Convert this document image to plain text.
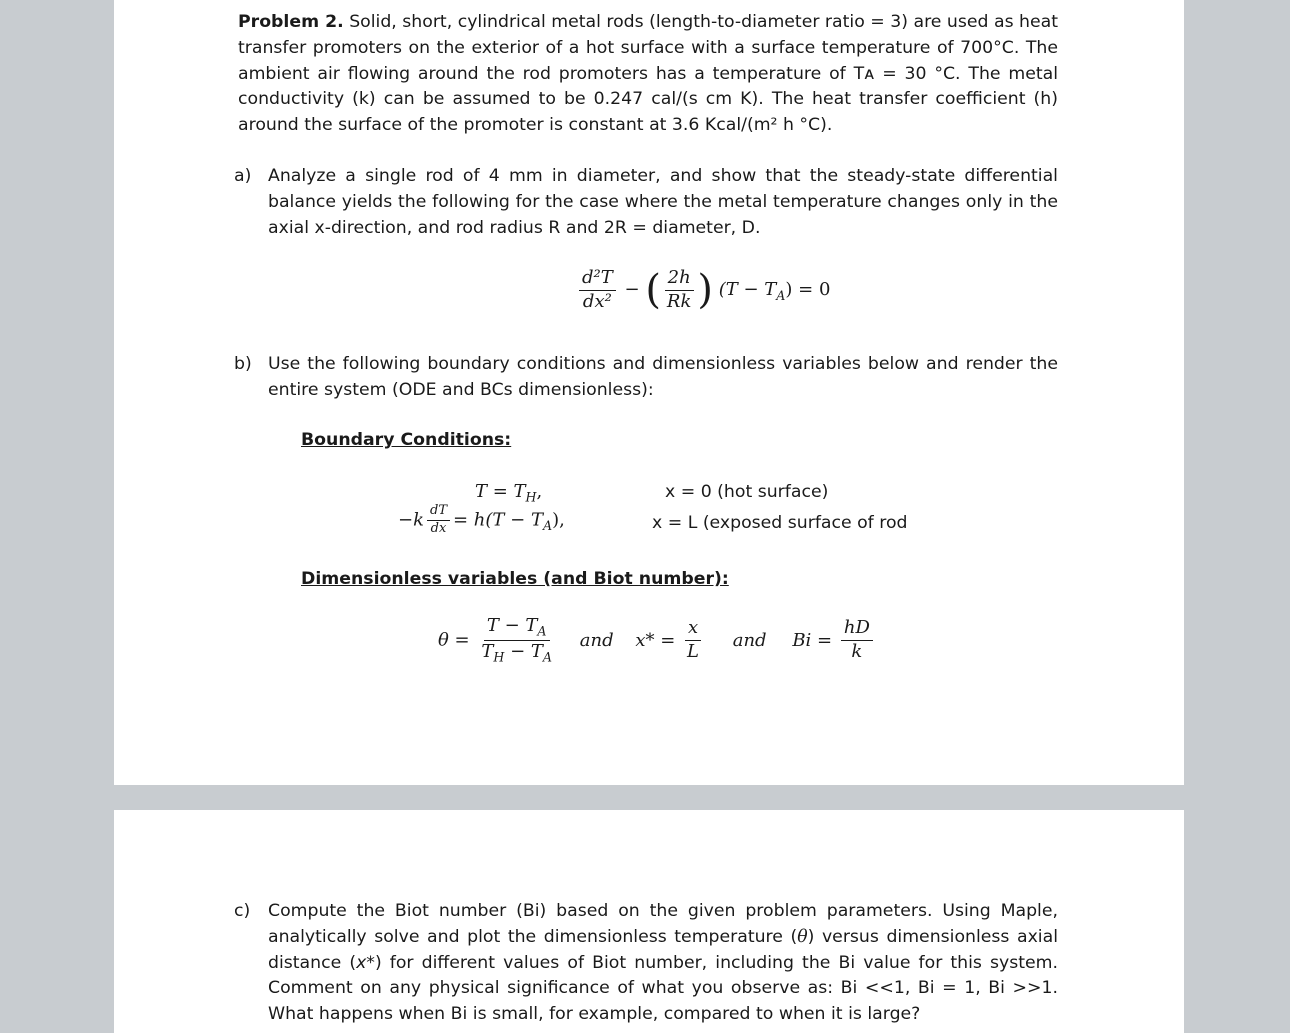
Problem 2. Solid, short, cylindrical metal rods (length-to-diameter ratio = 3) are used as heat transfer promoters on the exterior of a hot surface with a surface temperature of 700°C. The ambient air flowing around the rod promoters has a temperature of Tᴀ = 30 °C. The metal conductivity (k) can be assumed to be 0.247 cal/(s cm K). The heat transfer coefficient (h) around the surface of the promoter is constant at 3.6 Kcal/(m² h °C).

a) Analyze a single rod of 4 mm in diameter, and show that the steady-state differential balance yields the following for the case where the metal temperature changes only in the axial x-direction, and rod radius R and 2R = diameter, D.

$\frac{\text{d²T}}{\text{dx²}}$ − ( $\frac{2h}{Rk}$ ) $(T - T_A) = 0$
b) Use the following boundary conditions and dimensionless variables below and render the entire system (ODE and BCs dimensionless):

Boundary Conditions:
$T = T_H$,	x = 0 (hot surface)
$-k \frac{dT}{dx} = h(T - T_A)$,	x = L (exposed surface of rod
Dimensionless variables (and Biot number):
$\theta = \frac{T - T_A}{T_H - T_A}$ and $x* = \frac{x}{L}$ and $Bi = \frac{hD}{k}$
c) Compute the Biot number (Bi) based on the given problem parameters. Using Maple, analytically solve and plot the dimensionless temperature (θ) versus dimensionless axial distance (x*) for different values of Biot number, including the Bi value for this system. Comment on any physical significance of what you observe as: Bi <<1, Bi = 1, Bi >>1. What happens when Bi is small, for example, compared to when it is large?
